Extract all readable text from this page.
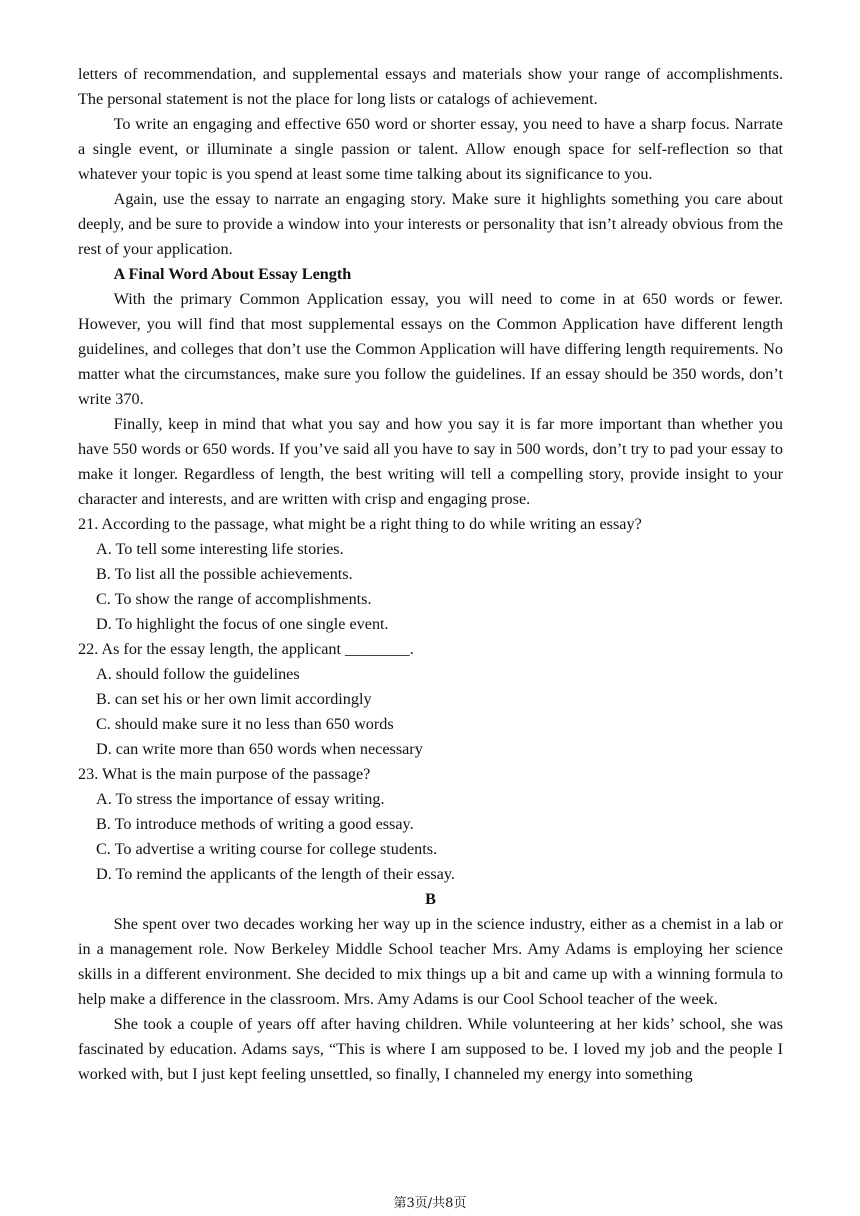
letters of recommendation, and supplemental essays and materials show your range of accomplishments. The personal statement is not the place for long lists or catalogs of achievement.

To write an engaging and effective 650 word or shorter essay, you need to have a sharp focus. Narrate a single event, or illuminate a single passion or talent. Allow enough space for self-reflection so that whatever your topic is you spend at least some time talking about its significance to you.

Again, use the essay to narrate an engaging story. Make sure it highlights something you care about deeply, and be sure to provide a window into your interests or personality that isn’t already obvious from the rest of your application.

A Final Word About Essay Length

With the primary Common Application essay, you will need to come in at 650 words or fewer. However, you will find that most supplemental essays on the Common Application have different length guidelines, and colleges that don’t use the Common Application will have differing length requirements. No matter what the circumstances, make sure you follow the guidelines. If an essay should be 350 words, don’t write 370.

Finally, keep in mind that what you say and how you say it is far more important than whether you have 550 words or 650 words. If you’ve said all you have to say in 500 words, don’t try to pad your essay to make it longer. Regardless of length, the best writing will tell a compelling story, provide insight to your character and interests, and are written with crisp and engaging prose.

21. According to the passage, what might be a right thing to do while writing an essay?

A. To tell some interesting life stories.

B. To list all the possible achievements.

C. To show the range of accomplishments.

D. To highlight the focus of one single event.

22. As for the essay length, the applicant ________.

A. should follow the guidelines

B. can set his or her own limit accordingly

C. should make sure it no less than 650 words

D. can write more than 650 words when necessary

23. What is the main purpose of the passage?

A. To stress the importance of essay writing.

B. To introduce methods of writing a good essay.

C. To advertise a writing course for college students.

D. To remind the applicants of the length of their essay.

B

She spent over two decades working her way up in the science industry, either as a chemist in a lab or in a management role. Now Berkeley Middle School teacher Mrs. Amy Adams is employing her science skills in a different environment. She decided to mix things up a bit and came up with a winning formula to help make a difference in the classroom. Mrs. Amy Adams is our Cool School teacher of the week.

She took a couple of years off after having children. While volunteering at her kids’ school, she was fascinated by education. Adams says, “This is where I am supposed to be. I loved my job and the people I worked with, but I just kept feeling unsettled, so finally, I channeled my energy into something

第3页/共8页
